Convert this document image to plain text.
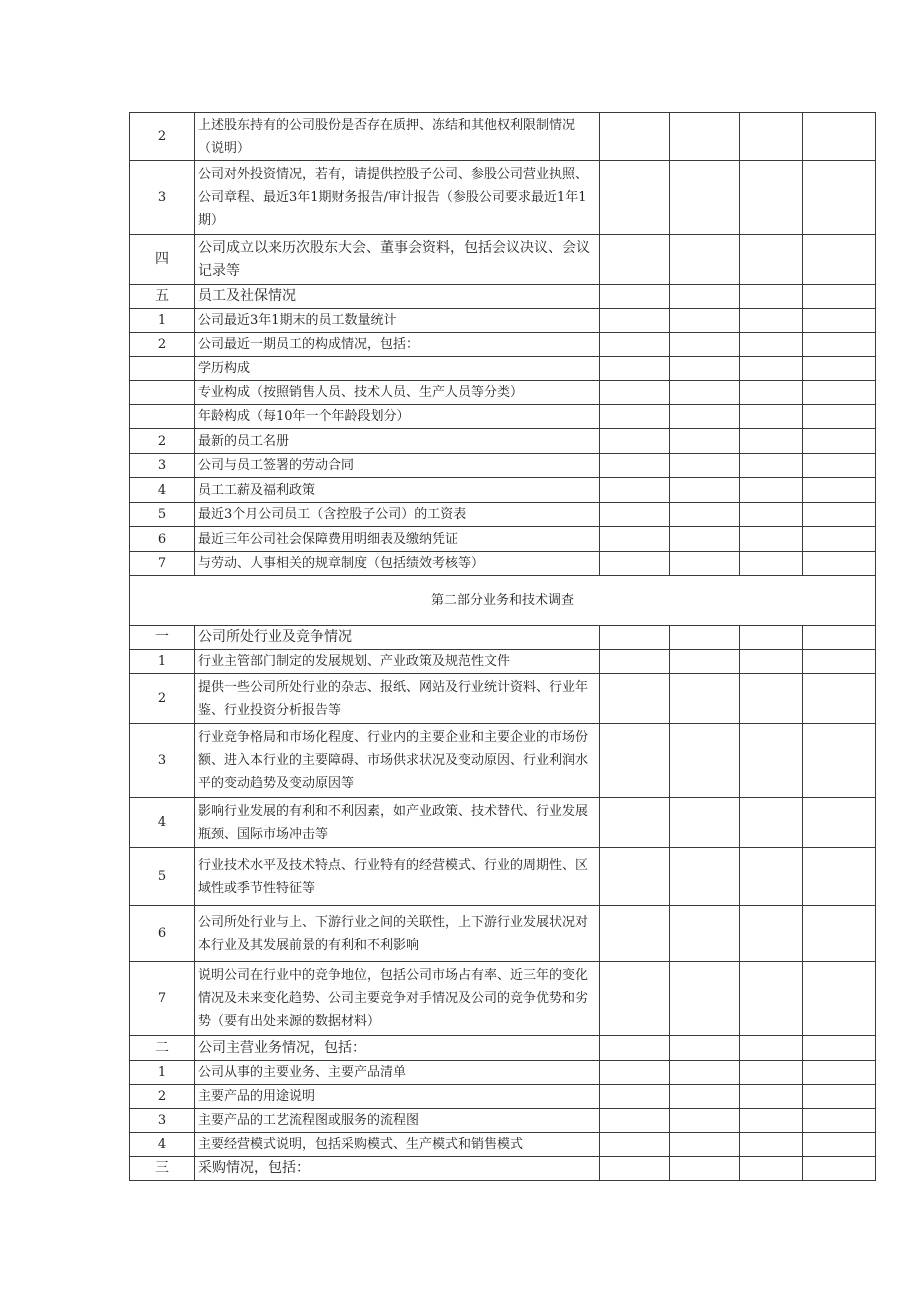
2	上述股东持有的公司股份是否存在质押、冻结和其他权利限制情况（说明）				
3	公司对外投资情况，若有，请提供控股子公司、参股公司营业执照、公司章程、最近3年1期财务报告/审计报告（参股公司要求最近1年1期）				
四	公司成立以来历次股东大会、董事会资料，包括会议决议、会议记录等				
五	员工及社保情况				
1	公司最近3年1期末的员工数量统计				
2	公司最近一期员工的构成情况，包括：				
	学历构成				
	专业构成（按照销售人员、技术人员、生产人员等分类）				
	年龄构成（每10年一个年龄段划分）				
2	最新的员工名册				
3	公司与员工签署的劳动合同				
4	员工工薪及福利政策				
5	最近3个月公司员工（含控股子公司）的工资表				
6	最近三年公司社会保障费用明细表及缴纳凭证				
7	与劳动、人事相关的规章制度（包括绩效考核等）				
第二部分业务和技术调查					
一	公司所处行业及竞争情况				
1	行业主管部门制定的发展规划、产业政策及规范性文件				
2	提供一些公司所处行业的杂志、报纸、网站及行业统计资料、行业年鉴、行业投资分析报告等				
3	行业竞争格局和市场化程度、行业内的主要企业和主要企业的市场份额、进入本行业的主要障碍、市场供求状况及变动原因、行业利润水平的变动趋势及变动原因等				
4	影响行业发展的有利和不利因素，如产业政策、技术替代、行业发展瓶颈、国际市场冲击等				
5	行业技术水平及技术特点、行业特有的经营模式、行业的周期性、区域性或季节性特征等				
6	公司所处行业与上、下游行业之间的关联性，上下游行业发展状况对本行业及其发展前景的有利和不利影响				
7	说明公司在行业中的竞争地位，包括公司市场占有率、近三年的变化情况及未来变化趋势、公司主要竞争对手情况及公司的竞争优势和劣势（要有出处来源的数据材料）				
二	公司主营业务情况，包括：				
1	公司从事的主要业务、主要产品清单				
2	主要产品的用途说明				
3	主要产品的工艺流程图或服务的流程图				
4	主要经营模式说明，包括采购模式、生产模式和销售模式				
三	采购情况，包括：				
